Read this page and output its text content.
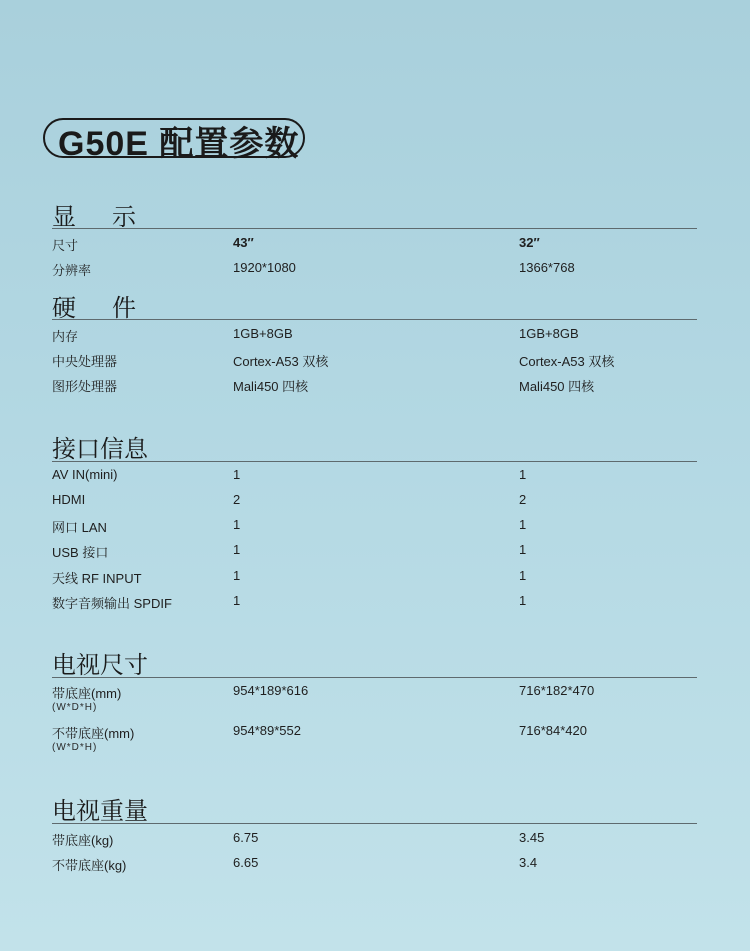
G50E 配置参数
显示
尺寸	43″	32″
分辨率	1920*1080	1366*768
硬件
内存	1GB+8GB	1GB+8GB
中央处理器	Cortex-A53 双核	Cortex-A53 双核
图形处理器	Mali450 四核	Mali450 四核
接口信息
AV IN(mini)	1	1
HDMI	2	2
网口 LAN	1	1
USB 接口	1	1
天线 RF INPUT	1	1
数字音频输出 SPDIF	1	1
电视尺寸
带底座(mm)	954*189*616	716*182*470
(W*D*H)
不带底座(mm)	954*89*552	716*84*420
(W*D*H)
电视重量
带底座(kg)	6.75	3.45
不带底座(kg)	6.65	3.4
